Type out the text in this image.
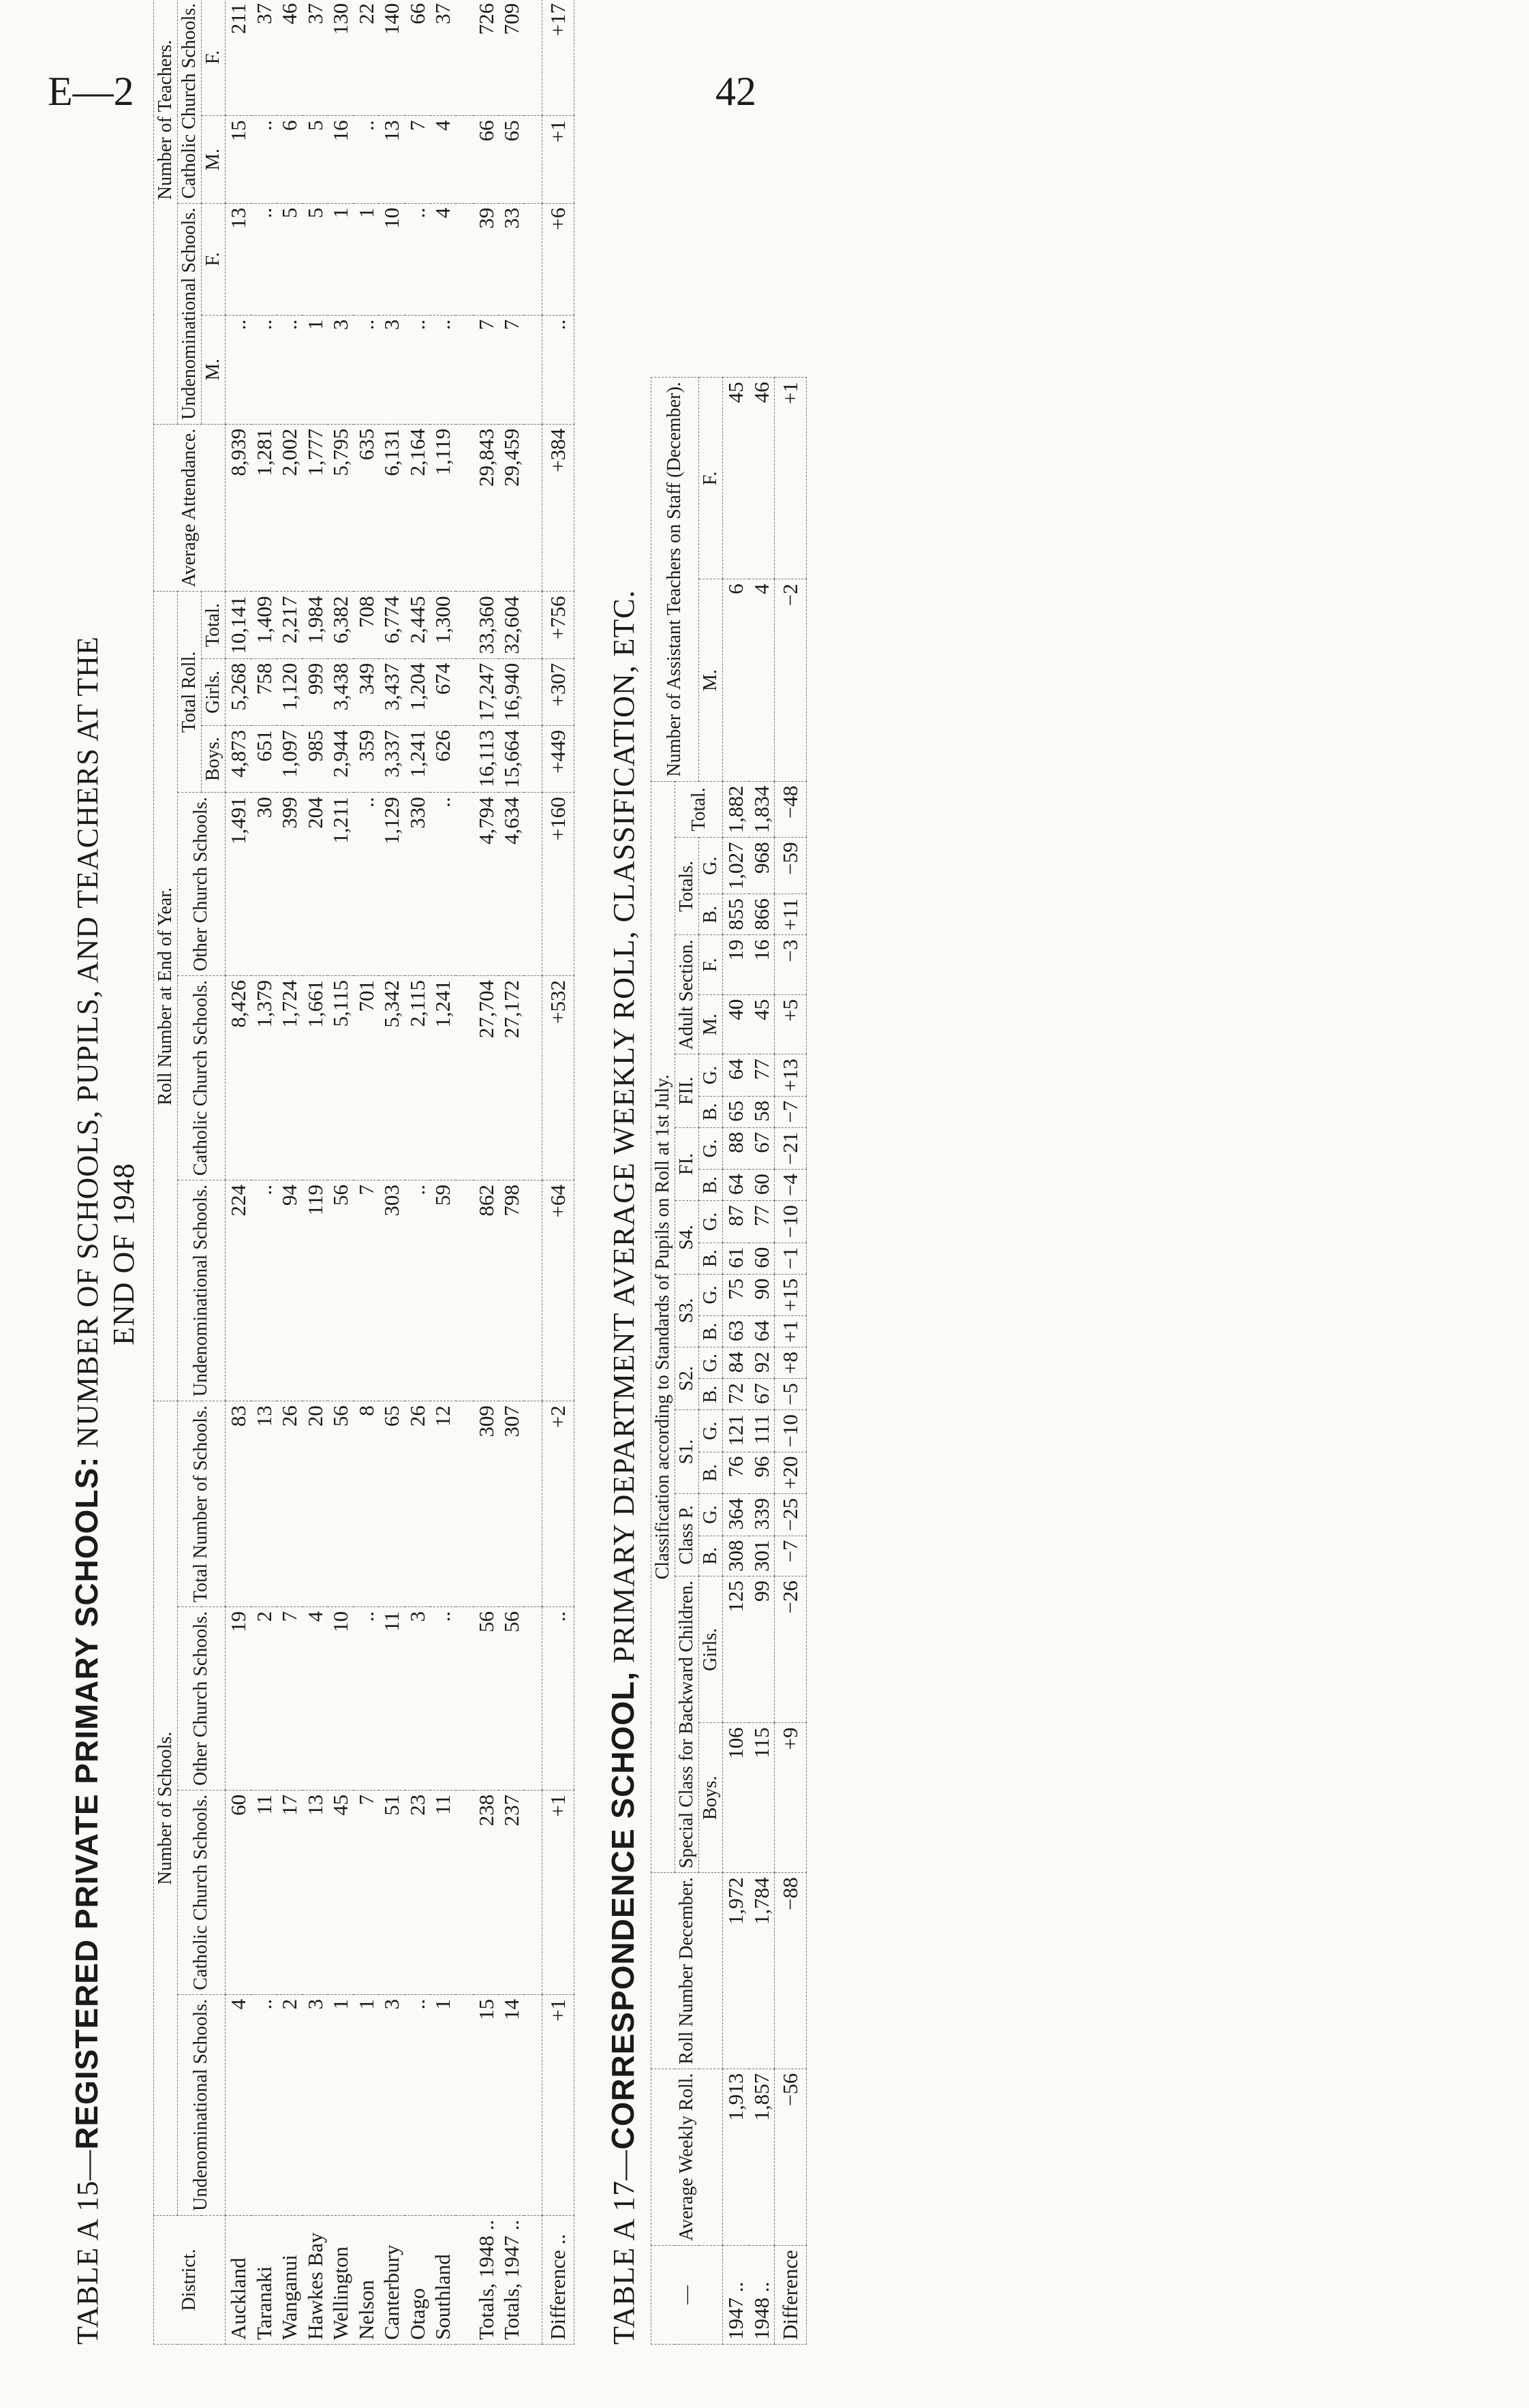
E—2	42

TABLE A 15—REGISTERED PRIVATE PRIMARY SCHOOLS: NUMBER OF SCHOOLS, PUPILS, AND TEACHERS AT THE END OF 1948

District.	Number of Schools.				Roll Number at End of Year.						Average Attendance.	Number of Teachers.					
	Undenominational Schools.	Catholic Church Schools.	Other Church Schools.	Total Number of Schools.	Undenominational Schools.	Catholic Church Schools.	Other Church Schools.	Total Roll.				Undenominational Schools.		Catholic Church Schools.	
								Boys.	Girls.	Total.		M.	F.	M.	F.		
Auckland	4	60	19	83	224	8,426	1,491	4,873	5,268	10,141	8,939	..	13	15	211		
Taranaki	..	11	2	13	..	1,379	30	651	758	1,409	1,281	..	..	..	37		
Wanganui	2	17	7	26	94	1,724	399	1,097	1,120	2,217	2,002	..	5	6	46		
Hawkes Bay	3	13	4	20	119	1,661	204	985	999	1,984	1,777	1	5	5	37		
Wellington	1	45	10	56	56	5,115	1,211	2,944	3,438	6,382	5,795	3	1	16	130		
Nelson	1	7	..	8	7	701	..	359	349	708	635	..	1	..	22		
Canterbury	3	51	11	65	303	5,342	1,129	3,337	3,437	6,774	6,131	3	10	13	140		
Otago	..	23	3	26	..	2,115	330	1,241	1,204	2,445	2,164	..	..	7	66		
Southland	1	11	..	12	59	1,241	..	626	674	1,300	1,119	..	4	4	37		

Totals, 1948 ..	15	238	56	309	862	27,704	4,794	16,113	17,247	33,360	29,843	7	39	66	726		
Totals, 1947 ..	14	237	56	307	798	27,172	4,634	15,664	16,940	32,604	29,459	7	33	65	709		

Difference ..	+1	+1	..	+2	+64	+532	+160	+449	+307	+756	+384	..	+6	+1	+17		

TABLE A 17—CORRESPONDENCE SCHOOL, PRIMARY DEPARTMENT AVERAGE WEEKLY ROLL, CLASSIFICATION, ETC.

—	Average Weekly Roll.	Roll Number December.	Classification according to Standards of Pupils on Roll at 1st July.																					Number of Assistant Teachers on Staff (December).	
			Special Class for Backward Children.		Class P.		S1.		S2.		S3.		S4.		FI.		FII.		Adult Section.		Totals.		Total.		
			Boys.	Girls.	B.	G.	B.	G.	B.	G.	B.	G.	B.	G.	B.	G.	B.	G.	M.	F.	B.	G.		M.	F.
1947 ..	1,913	1,972	106	125	308	364	76	121	72	84	63	75	61	87	64	88	65	64	40	19	855	1,027	1,882	6	45
1948 ..	1,857	1,784	115	99	301	339	96	111	67	92	64	90	60	77	60	67	58	77	45	16	866	968	1,834	4	46
Difference	−56	−88	+9	−26	−7	−25	+20	−10	−5	+8	+1	+15	−1	−10	−4	−21	−7	+13	+5	−3	+11	−59	−48	−2	+1
